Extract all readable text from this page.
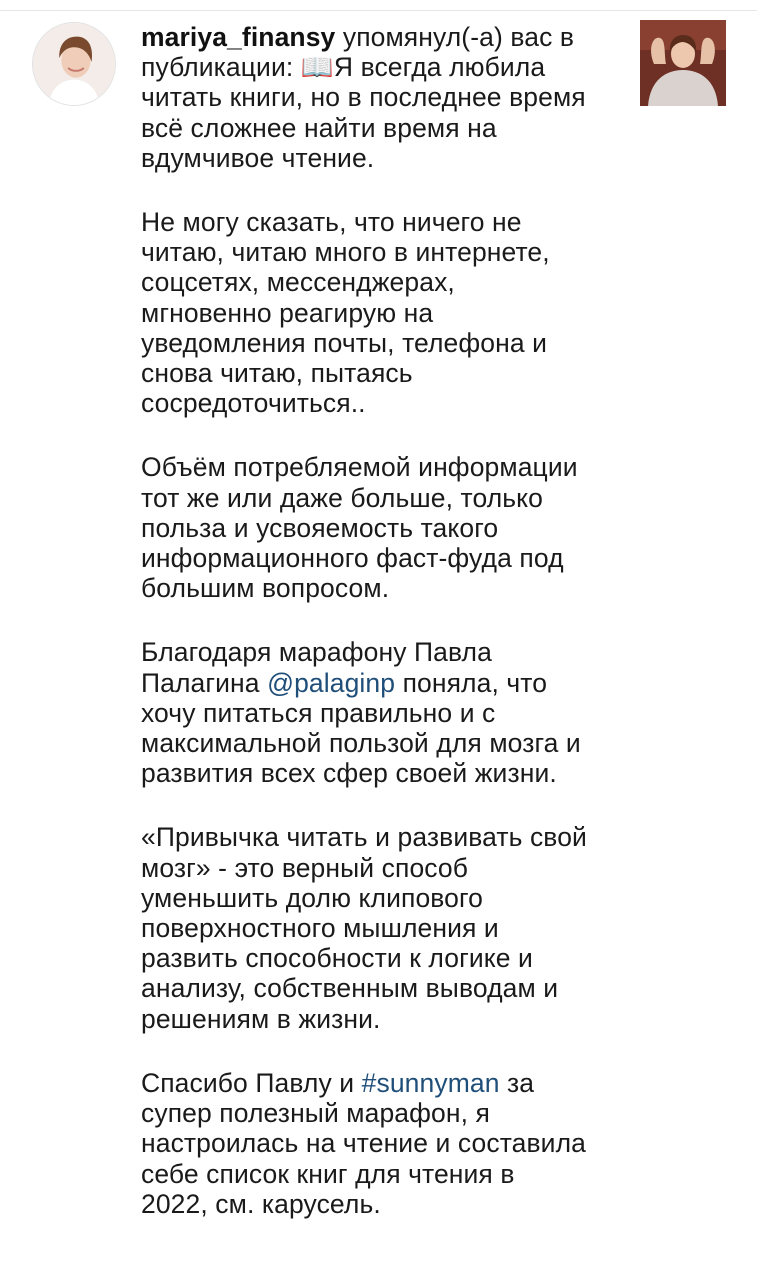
mariya_finansy упомянул(-а) вас в
публикации: 📖Я всегда любила
читать книги, но в последнее время
всё сложнее найти время на
вдумчивое чтение.

Не могу сказать, что ничего не
читаю, читаю много в интернете,
соцсетях, мессенджерах,
мгновенно реагирую на
уведомления почты, телефона и
снова читаю, пытаясь
сосредоточиться..

Объём потребляемой информации
тот же или даже больше, только
польза и усвояемость такого
информационного фаст-фуда под
большим вопросом.

Благодаря марафону Павла
Палагина @palaginp поняла, что
хочу питаться правильно и с
максимальной пользой для мозга и
развития всех сфер своей жизни.

«Привычка читать и развивать свой
мозг» - это верный способ
уменьшить долю клипового
поверхностного мышления и
развить способности к логике и
анализу, собственным выводам и
решениям в жизни.

Спасибо Павлу и #sunnyman за
супер полезный марафон, я
настроилась на чтение и составила
себе список книг для чтения в
2022, см. карусель.
